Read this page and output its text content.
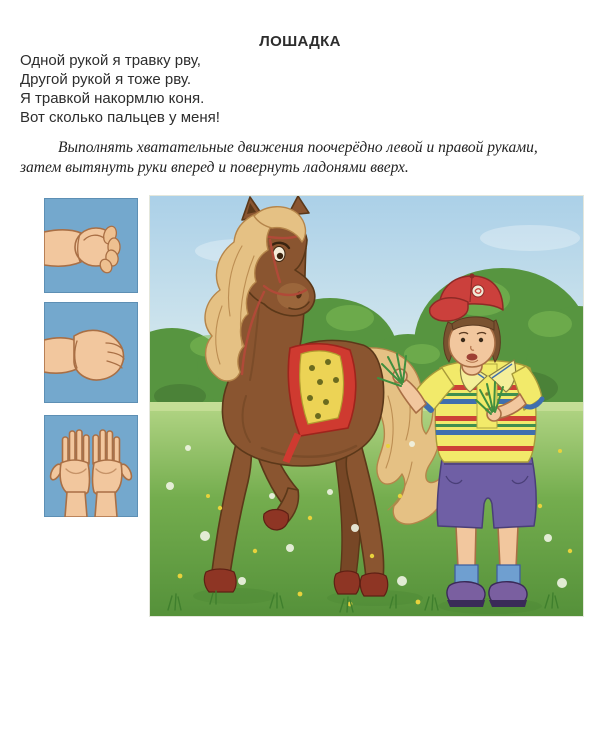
ЛОШАДКА
Одной рукой я травку рву,
Другой рукой я тоже рву.
Я травкой накормлю коня.
Вот сколько пальцев у меня!
Выполнять хватательные движения поочерёдно левой и правой руками,
затем вытянуть руки вперед и повернуть ладонями вверх.
